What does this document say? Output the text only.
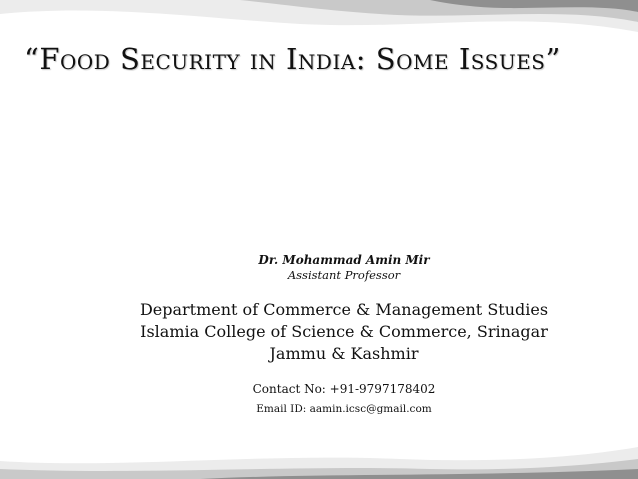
“Food Security in India: Some Issues”
Dr. Mohammad Amin Mir
Assistant Professor
Department of Commerce & Management Studies
Islamia College of Science & Commerce, Srinagar
Jammu & Kashmir
Contact No: +91-9797178402
Email ID: aamin.icsc@gmail.com
